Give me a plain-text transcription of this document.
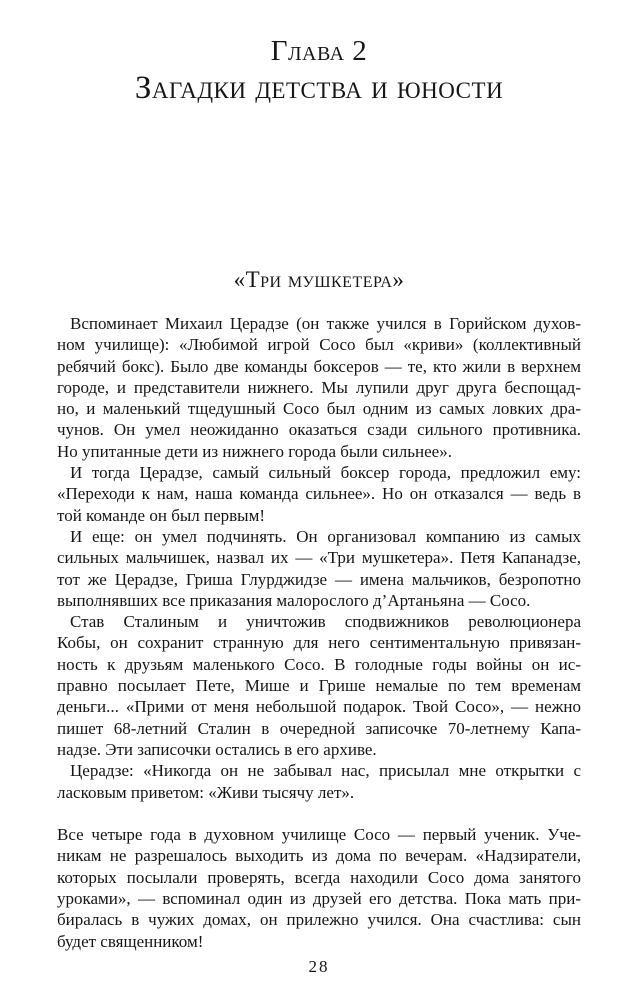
Глава 2
Загадки детства и юности
«Три мушкетера»
Вспоминает Михаил Церадзе (он также учился в Горийском духов-
ном училище): «Любимой игрой Сосо был «криви» (коллективный
ребячий бокс). Было две команды боксеров — те, кто жили в верхнем
городе, и представители нижнего. Мы лупили друг друга беспощад-
но, и маленький тщедушный Сосо был одним из самых ловких дра-
чунов. Он умел неожиданно оказаться сзади сильного противника.
Но упитанные дети из нижнего города были сильнее».
И тогда Церадзе, самый сильный боксер города, предложил ему:
«Переходи к нам, наша команда сильнее». Но он отказался — ведь в
той команде он был первым!
И еще: он умел подчинять. Он организовал компанию из самых
сильных мальчишек, назвал их — «Три мушкетера». Петя Капанадзе,
тот же Церадзе, Гриша Глурджидзе — имена мальчиков, безропотно
выполнявших все приказания малорослого д’Артаньяна — Сосо.
Став Сталиным и уничтожив сподвижников революционера
Кобы, он сохранит странную для него сентиментальную привязан-
ность к друзьям маленького Сосо. В голодные годы войны он ис-
правно посылает Пете, Мише и Грише немалые по тем временам
деньги... «Прими от меня небольшой подарок. Твой Сосо», — нежно
пишет 68-летний Сталин в очередной записочке 70-летнему Капа-
надзе. Эти записочки остались в его архиве.
Церадзе: «Никогда он не забывал нас, присылал мне открытки с
ласковым приветом: «Живи тысячу лет».
Все четыре года в духовном училище Сосо — первый ученик. Уче-
никам не разрешалось выходить из дома по вечерам. «Надзиратели,
которых посылали проверять, всегда находили Сосо дома занятого
уроками», — вспоминал один из друзей его детства. Пока мать при-
биралась в чужих домах, он прилежно учился. Она счастлива: сын
будет священником!
28
